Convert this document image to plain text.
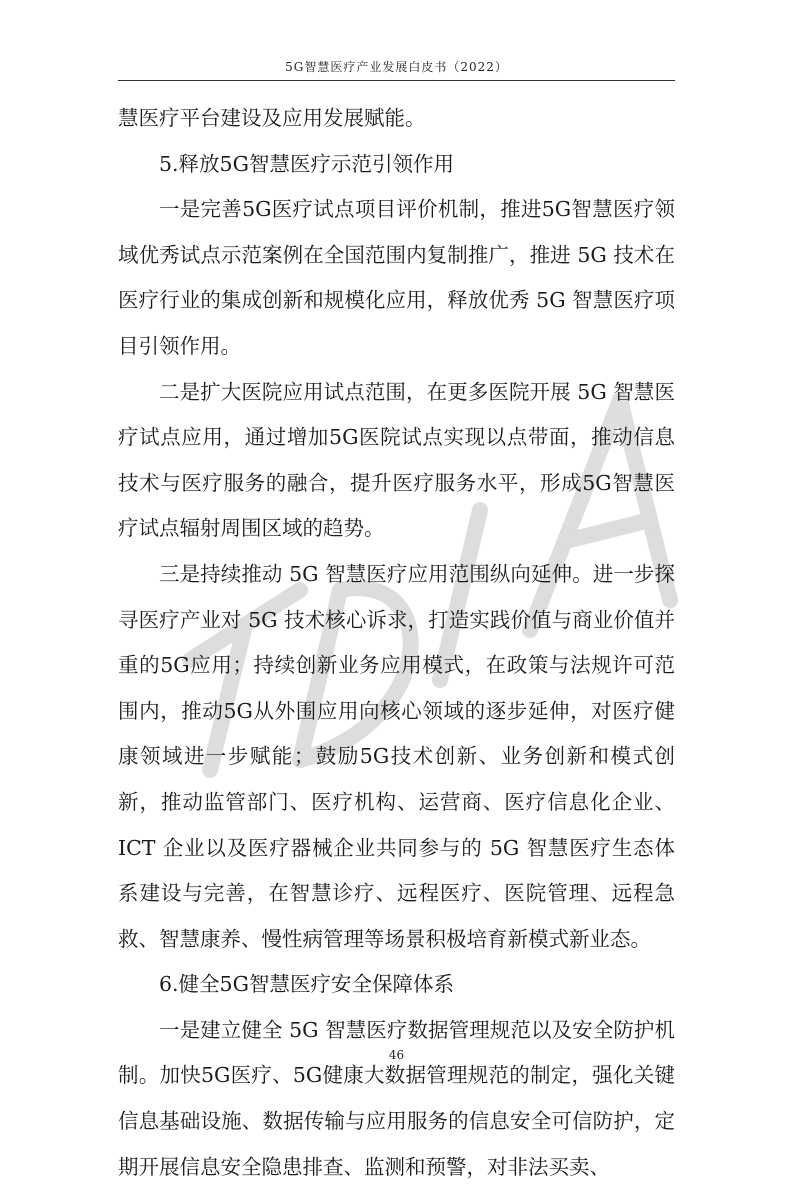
5G智慧医疗产业发展白皮书（2022）

慧医疗平台建设及应用发展赋能。

5.释放5G智慧医疗示范引领作用

一是完善5G医疗试点项目评价机制，推进5G智慧医疗领域优秀试点示范案例在全国范围内复制推广，推进 5G 技术在医疗行业的集成创新和规模化应用，释放优秀 5G 智慧医疗项目引领作用。

二是扩大医院应用试点范围，在更多医院开展 5G 智慧医疗试点应用，通过增加5G医院试点实现以点带面，推动信息技术与医疗服务的融合，提升医疗服务水平，形成5G智慧医疗试点辐射周围区域的趋势。

三是持续推动 5G 智慧医疗应用范围纵向延伸。进一步探寻医疗产业对 5G 技术核心诉求，打造实践价值与商业价值并重的5G应用；持续创新业务应用模式，在政策与法规许可范围内，推动5G从外围应用向核心领域的逐步延伸，对医疗健康领域进一步赋能；鼓励5G技术创新、业务创新和模式创新，推动监管部门、医疗机构、运营商、医疗信息化企业、ICT 企业以及医疗器械企业共同参与的 5G 智慧医疗生态体系建设与完善，在智慧诊疗、远程医疗、医院管理、远程急救、智慧康养、慢性病管理等场景积极培育新模式新业态。

6.健全5G智慧医疗安全保障体系

一是建立健全 5G 智慧医疗数据管理规范以及安全防护机制。加快5G医疗、5G健康大数据管理规范的制定，强化关键信息基础设施、数据传输与应用服务的信息安全可信防护，定期开展信息安全隐患排查、监测和预警，对非法买卖、

46
